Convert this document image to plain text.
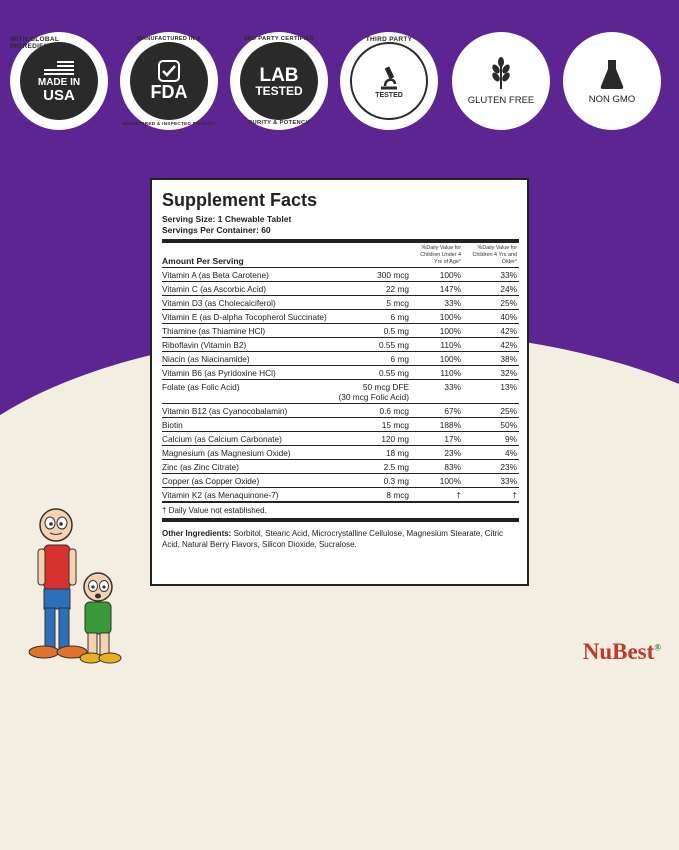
MADE IN
USA
WITH GLOBAL INGREDIENTS
FDA
MANUFACTURED IN A
REGISTERED & INSPECTED FACILITY
LAB
TESTED
3RD PARTY CERTIFIED
PURITY & POTENCY
TESTED
THIRD PARTY
GLUTEN FREE	NON GMO
Supplement Facts
Serving Size: 1 Chewable Tablet
Servings Per Container: 60
Amount Per Serving		%Daily Value for Children Under 4 Yrs of Age*	%Daily Value for Children 4 Yrs and Older*
Vitamin A (as Beta Carotene)	300 mcg	100%	33%
Vitamin C (as Ascorbic Acid)	22 mg	147%	24%
Vitamin D3 (as Cholecalciferol)	5 mcg	33%	25%
Vitamin E (as D-alpha Tocopherol Succinate)	6 mg	100%	40%
Thiamine (as Thiamine HCl)	0.5 mg	100%	42%
Riboflavin (Vitamin B2)	0.55 mg	110%	42%
Niacin (as Niacinamide)	6 mg	100%	38%
Vitamin B6 (as Pyridoxine HCl)	0.55 mg	110%	32%
Folate (as Folic Acid)	50 mcg DFE
(30 mcg Folic Acid)	33%	13%
Vitamin B12 (as Cyanocobalamin)	0.6 mcg	67%	25%
Biotin	15 mcg	188%	50%
Calcium (as Calcium Carbonate)	120 mg	17%	9%
Magnesium (as Magnesium Oxide)	18 mg	23%	4%
Zinc (as Zinc Citrate)	2.5 mg	83%	23%
Copper (as Copper Oxide)	0.3 mg	100%	33%
Vitamin K2 (as Menaquinone-7)	8 mcg	†	†
† Daily Value not established.
Other Ingredients: Sorbitol, Stearic Acid, Microcrystalline Cellulose, Magnesium Stearate, Citric Acid, Natural Berry Flavors, Silicon Dioxide, Sucralose.
NuBest®
